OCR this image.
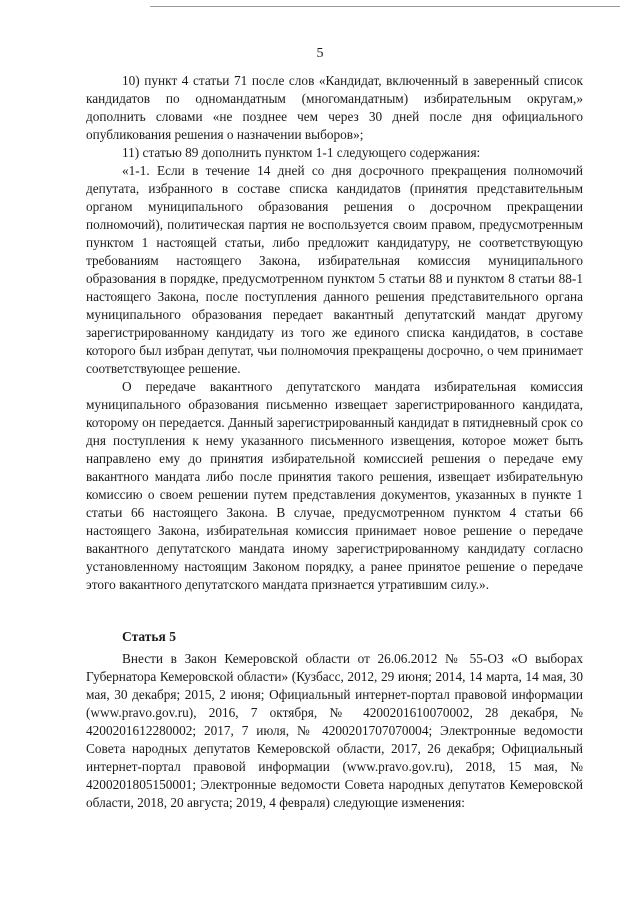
5

10) пункт 4 статьи 71 после слов «Кандидат, включенный в заверенный список кандидатов по одномандатным (многомандатным) избирательным округам,» дополнить словами «не позднее чем через 30 дней после дня официального опубликования решения о назначении выборов»;

11) статью 89 дополнить пунктом 1-1 следующего содержания:

«1-1. Если в течение 14 дней со дня досрочного прекращения полномочий депутата, избранного в составе списка кандидатов (принятия представительным органом муниципального образования решения о досрочном прекращении полномочий), политическая партия не воспользуется своим правом, предусмотренным пунктом 1 настоящей статьи, либо предложит кандидатуру, не соответствующую требованиям настоящего Закона, избирательная комиссия муниципального образования в порядке, предусмотренном пунктом 5 статьи 88 и пунктом 8 статьи 88-1 настоящего Закона, после поступления данного решения представительного органа муниципального образования передает вакантный депутатский мандат другому зарегистрированному кандидату из того же единого списка кандидатов, в составе которого был избран депутат, чьи полномочия прекращены досрочно, о чем принимает соответствующее решение.

О передаче вакантного депутатского мандата избирательная комиссия муниципального образования письменно извещает зарегистрированного кандидата, которому он передается. Данный зарегистрированный кандидат в пятидневный срок со дня поступления к нему указанного письменного извещения, которое может быть направлено ему до принятия избирательной комиссией решения о передаче ему вакантного мандата либо после принятия такого решения, извещает избирательную комиссию о своем решении путем представления документов, указанных в пункте 1 статьи 66 настоящего Закона. В случае, предусмотренном пунктом 4 статьи 66 настоящего Закона, избирательная комиссия принимает новое решение о передаче вакантного депутатского мандата иному зарегистрированному кандидату согласно установленному настоящим Законом порядку, а ранее принятое решение о передаче этого вакантного депутатского мандата признается утратившим силу.».

Статья 5

Внести в Закон Кемеровской области от 26.06.2012 № 55-ОЗ «О выборах Губернатора Кемеровской области» (Кузбасс, 2012, 29 июня; 2014, 14 марта, 14 мая, 30 мая, 30 декабря; 2015, 2 июня; Официальный интернет-портал правовой информации (www.pravo.gov.ru), 2016, 7 октября, № 4200201610070002, 28 декабря, № 4200201612280002; 2017, 7 июля, № 4200201707070004; Электронные ведомости Совета народных депутатов Кемеровской области, 2017, 26 декабря; Официальный интернет-портал правовой информации (www.pravo.gov.ru), 2018, 15 мая, № 4200201805150001; Электронные ведомости Совета народных депутатов Кемеровской области, 2018, 20 августа; 2019, 4 февраля) следующие изменения:
